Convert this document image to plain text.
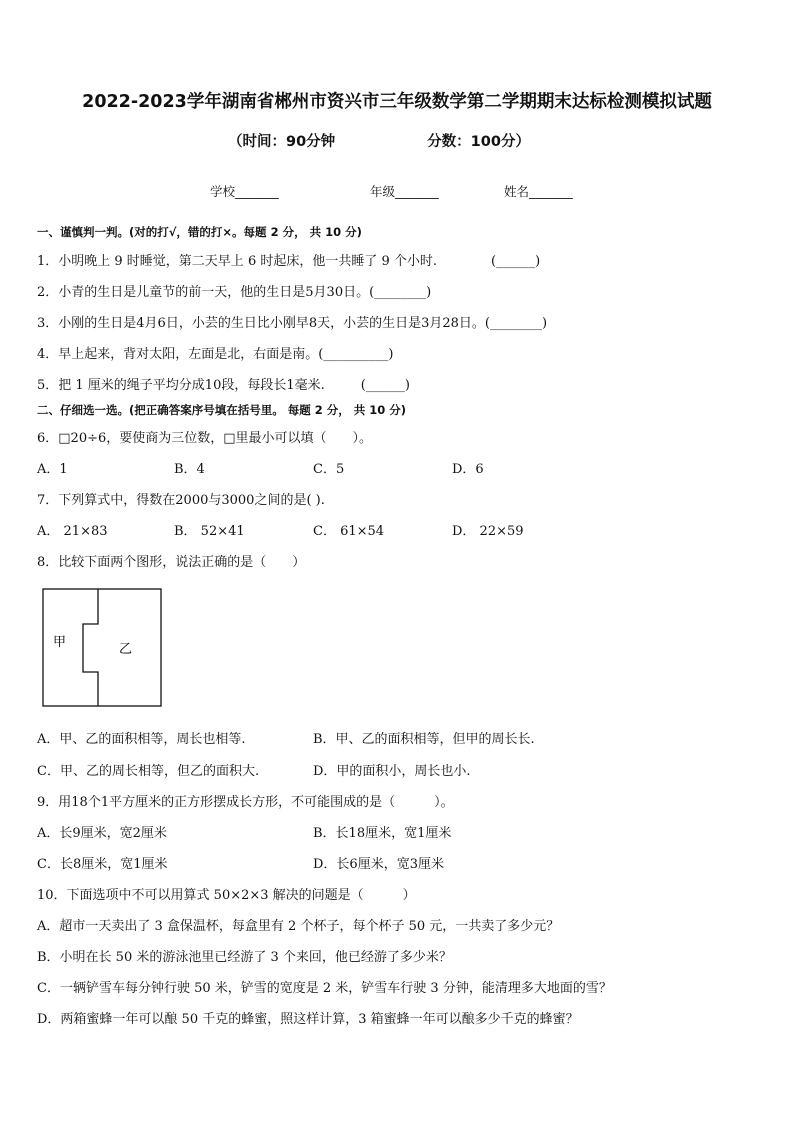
2022-2023学年湖南省郴州市资兴市三年级数学第二学期期末达标检测模拟试题
（时间：90分钟	分数：100分）
学校_______	年级_______	姓名_______
一、谨慎判一判。(对的打√，错的打×。每题 2 分， 共 10 分)
1．小明晚上 9 时睡觉，第二天早上 6 时起床，他一共睡了 9 个小时.	(______)
2．小青的生日是儿童节的前一天，他的生日是5月30日。(________)
3．小刚的生日是4月6日，小芸的生日比小刚早8天，小芸的生日是3月28日。(________)
4．早上起来，背对太阳，左面是北，右面是南。(__________)
5．把 1 厘米的绳子平均分成10段，每段长1毫米.	(______)
二、仔细选一选。(把正确答案序号填在括号里。 每题 2 分， 共 10 分)
6．□20÷6，要使商为三位数，□里最小可以填（　　）。
A．1	B．4	C．5	D．6
7．下列算式中，得数在2000与3000之间的是( ).
A． 21×83	B． 52×41	C． 61×54	D． 22×59
8．比较下面两个图形，说法正确的是（　　）
甲	乙
A．甲、乙的面积相等，周长也相等.	B．甲、乙的面积相等，但甲的周长长.
C．甲、乙的周长相等，但乙的面积大.	D．甲的面积小，周长也小.
9．用18个1平方厘米的正方形摆成长方形，不可能围成的是（　　　）。
A．长9厘米，宽2厘米	B．长18厘米，宽1厘米
C．长8厘米，宽1厘米	D．长6厘米，宽3厘米
10．下面选项中不可以用算式 50×2×3 解决的问题是（　　　）
A．超市一天卖出了 3 盒保温杯，每盒里有 2 个杯子，每个杯子 50 元，一共卖了多少元？
B．小明在长 50 米的游泳池里已经游了 3 个来回，他已经游了多少米？
C．一辆铲雪车每分钟行驶 50 米，铲雪的宽度是 2 米，铲雪车行驶 3 分钟，能清理多大地面的雪？
D．两箱蜜蜂一年可以酿 50 千克的蜂蜜，照这样计算，3 箱蜜蜂一年可以酿多少千克的蜂蜜？
